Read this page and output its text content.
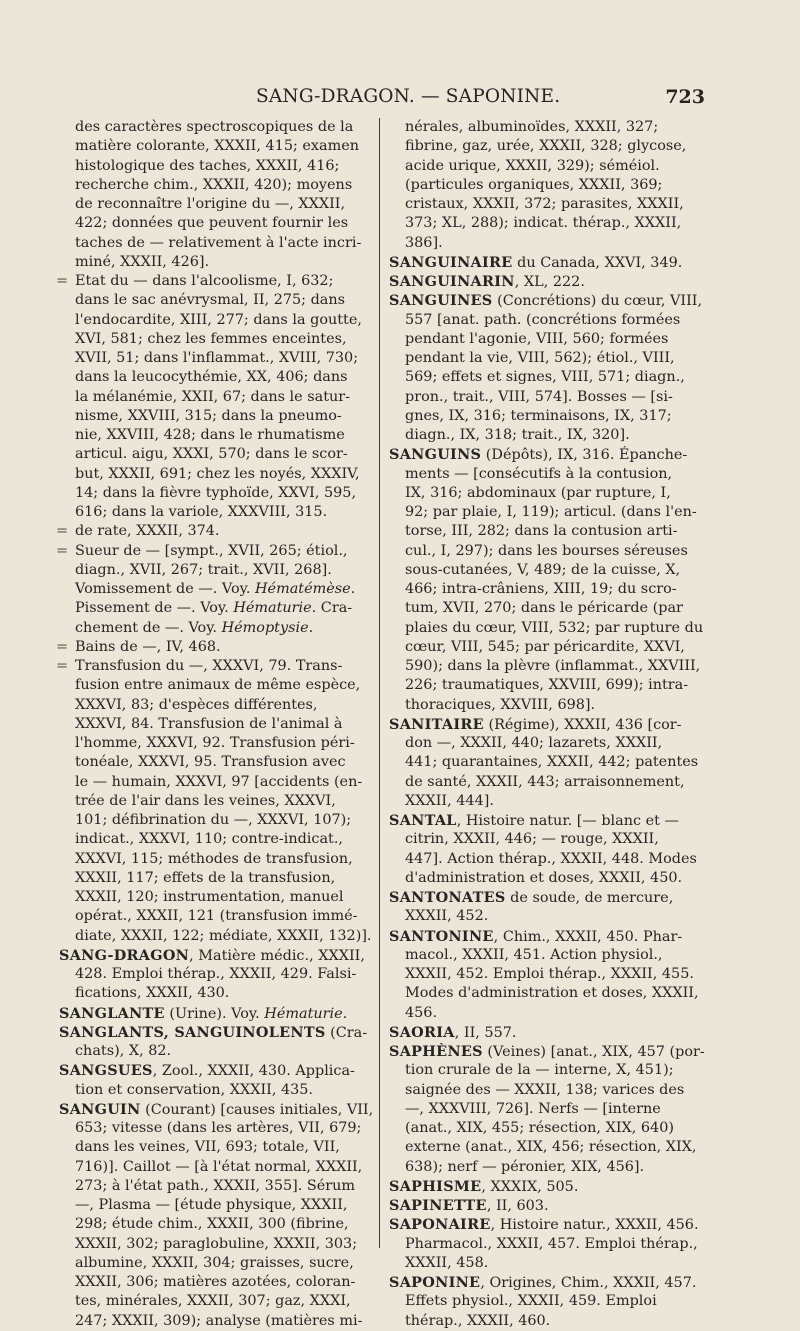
SANG-DRAGON. — SAPONINE.	723
des caractères spectroscopiques de la
matière colorante, XXXII, 415; examen
histologique des taches, XXXII, 416;
recherche chim., XXXII, 420); moyens
de reconnaître l'origine du —, XXXII,
422; données que peuvent fournir les
taches de — relativement à l'acte incri-
miné, XXXII, 426].
= Etat du — dans l'alcoolisme, I, 632;
dans le sac anévrysmal, II, 275; dans
l'endocardite, XIII, 277; dans la goutte,
XVI, 581; chez les femmes enceintes,
XVII, 51; dans l'inflammat., XVIII, 730;
dans la leucocythémie, XX, 406; dans
la mélanémie, XXII, 67; dans le satur-
nisme, XXVIII, 315; dans la pneumo-
nie, XXVIII, 428; dans le rhumatisme
articul. aigu, XXXI, 570; dans le scor-
but, XXXII, 691; chez les noyés, XXXIV,
14; dans la fièvre typhoïde, XXVI, 595,
616; dans la variole, XXXVIII, 315.
= de rate, XXXII, 374.
= Sueur de — [sympt., XVII, 265; étiol.,
diagn., XVII, 267; trait., XVII, 268].
Vomissement de —. Voy. Hématémèse.
Pissement de —. Voy. Hématurie. Cra-
chement de —. Voy. Hémoptysie.
= Bains de —, IV, 468.
= Transfusion du —, XXXVI, 79. Trans-
fusion entre animaux de même espèce,
XXXVI, 83; d'espèces différentes,
XXXVI, 84. Transfusion de l'animal à
l'homme, XXXVI, 92. Transfusion péri-
tonéale, XXXVI, 95. Transfusion avec
le — humain, XXXVI, 97 [accidents (en-
trée de l'air dans les veines, XXXVI,
101; défibrination du —, XXXVI, 107);
indicat., XXXVI, 110; contre-indicat.,
XXXVI, 115; méthodes de transfusion,
XXXII, 117; effets de la transfusion,
XXXII, 120; instrumentation, manuel
opérat., XXXII, 121 (transfusion immé-
diate, XXXII, 122; médiate, XXXII, 132)].
SANG-DRAGON, Matière médic., XXXII,
428. Emploi thérap., XXXII, 429. Falsi-
fications, XXXII, 430.
SANGLANTE (Urine). Voy. Hématurie.
SANGLANTS, SANGUINOLENTS (Cra-
chats), X, 82.
SANGSUES, Zool., XXXII, 430. Applica-
tion et conservation, XXXII, 435.
SANGUIN (Courant) [causes initiales, VII,
653; vitesse (dans les artères, VII, 679;
dans les veines, VII, 693; totale, VII,
716)]. Caillot — [à l'état normal, XXXII,
273; à l'état path., XXXII, 355]. Sérum
—, Plasma — [étude physique, XXXII,
298; étude chim., XXXII, 300 (fibrine,
XXXII, 302; paraglobuline, XXXII, 303;
albumine, XXXII, 304; graisses, sucre,
XXXII, 306; matières azotées, coloran-
tes, minérales, XXXII, 307; gaz, XXXI,
247; XXXII, 309); analyse (matières mi-
nérales, albuminoïdes, XXXII, 327;
fibrine, gaz, urée, XXXII, 328; glycose,
acide urique, XXXII, 329); séméiol.
(particules organiques, XXXII, 369;
cristaux, XXXII, 372; parasites, XXXII,
373; XL, 288); indicat. thérap., XXXII,
386].
SANGUINAIRE du Canada, XXVI, 349.
SANGUINARIN, XL, 222.
SANGUINES (Concrétions) du cœur, VIII,
557 [anat. path. (concrétions formées
pendant l'agonie, VIII, 560; formées
pendant la vie, VIII, 562); étiol., VIII,
569; effets et signes, VIII, 571; diagn.,
pron., trait., VIII, 574]. Bosses — [si-
gnes, IX, 316; terminaisons, IX, 317;
diagn., IX, 318; trait., IX, 320].
SANGUINS (Dépôts), IX, 316. Épanche-
ments — [consécutifs à la contusion,
IX, 316; abdominaux (par rupture, I,
92; par plaie, I, 119); articul. (dans l'en-
torse, III, 282; dans la contusion arti-
cul., I, 297); dans les bourses séreuses
sous-cutanées, V, 489; de la cuisse, X,
466; intra-crâniens, XIII, 19; du scro-
tum, XVII, 270; dans le péricarde (par
plaies du cœur, VIII, 532; par rupture du
cœur, VIII, 545; par péricardite, XXVI,
590); dans la plèvre (inflammat., XXVIII,
226; traumatiques, XXVIII, 699); intra-
thoraciques, XXVIII, 698].
SANITAIRE (Régime), XXXII, 436 [cor-
don —, XXXII, 440; lazarets, XXXII,
441; quarantaines, XXXII, 442; patentes
de santé, XXXII, 443; arraisonnement,
XXXII, 444].
SANTAL, Histoire natur. [— blanc et —
citrin, XXXII, 446; — rouge, XXXII,
447]. Action thérap., XXXII, 448. Modes
d'administration et doses, XXXII, 450.
SANTONATES de soude, de mercure,
XXXII, 452.
SANTONINE, Chim., XXXII, 450. Phar-
macol., XXXII, 451. Action physiol.,
XXXII, 452. Emploi thérap., XXXII, 455.
Modes d'administration et doses, XXXII,
456.
SAORIA, II, 557.
SAPHÈNES (Veines) [anat., XIX, 457 (por-
tion crurale de la — interne, X, 451);
saignée des — XXXII, 138; varices des
—, XXXVIII, 726]. Nerfs — [interne
(anat., XIX, 455; résection, XIX, 640)
externe (anat., XIX, 456; résection, XIX,
638); nerf — péronier, XIX, 456].
SAPHISME, XXXIX, 505.
SAPINETTE, II, 603.
SAPONAIRE, Histoire natur., XXXII, 456.
Pharmacol., XXXII, 457. Emploi thérap.,
XXXII, 458.
SAPONINE, Origines, Chim., XXXII, 457.
Effets physiol., XXXII, 459. Emploi
thérap., XXXII, 460.
